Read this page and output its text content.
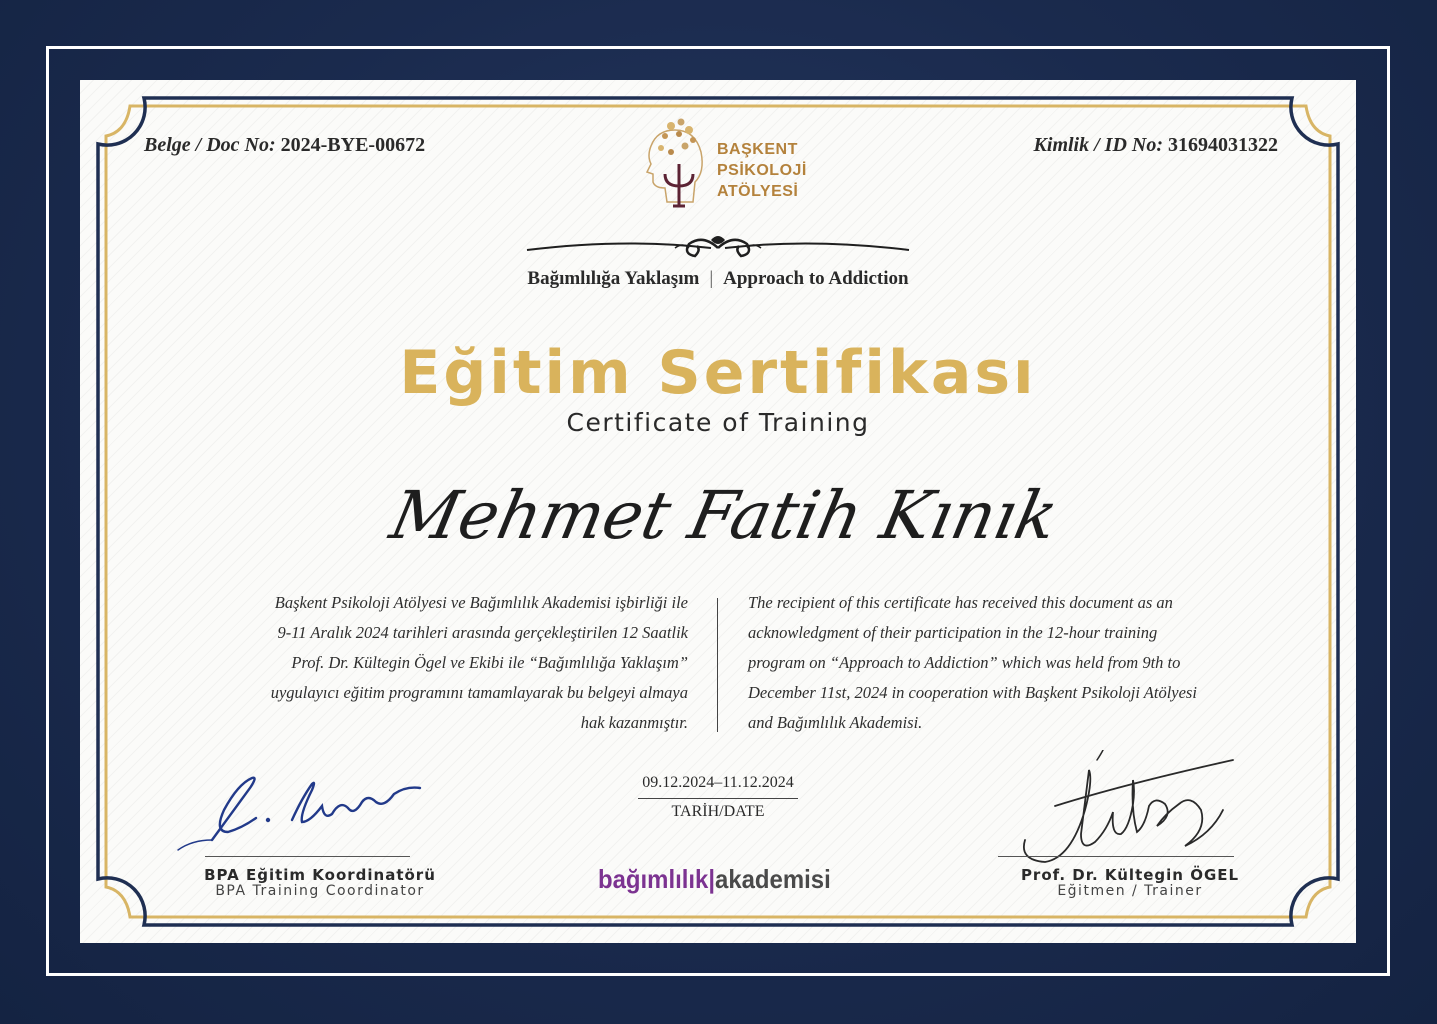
Belge / Doc No: 2024-BYE-00672	Kimlik / ID No: 31694031322
BAŞKENT
PSİKOLOJİ
ATÖLYESİ
Bağımlılığa Yaklaşım | Approach to Addiction
Eğitim Sertifikası
Certificate of Training
Mehmet Fatih Kınık
Başkent Psikoloji Atölyesi ve Bağımlılık Akademisi işbirliği ile
9-11 Aralık 2024 tarihleri arasında gerçekleştirilen 12 Saatlik
Prof. Dr. Kültegin Ögel ve Ekibi ile “Bağımlılığa Yaklaşım”
uygulayıcı eğitim programını tamamlayarak bu belgeyi almaya
hak kazanmıştır.
The recipient of this certificate has received this document as an
acknowledgment of their participation in the 12-hour training
program on “Approach to Addiction” which was held from 9th to
December 11st, 2024 in cooperation with Başkent Psikoloji Atölyesi
and Bağımlılık Akademisi.
09.12.2024–11.12.2024
TARİH/DATE
BPA Eğitim Koordinatörü
BPA Training Coordinator
Prof. Dr. Kültegin ÖGEL
Eğitmen / Trainer
bağımlılık|akademisi
